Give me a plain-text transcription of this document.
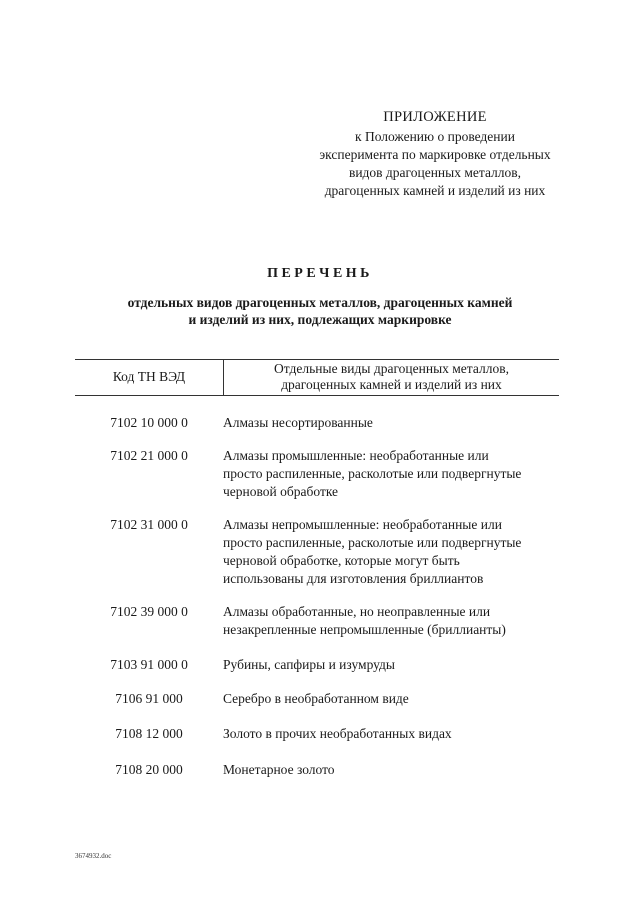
ПРИЛОЖЕНИЕ
к Положению о проведении
эксперимента по маркировке отдельных
видов драгоценных металлов,
драгоценных камней и изделий из них
ПЕРЕЧЕНЬ
отдельных видов драгоценных металлов, драгоценных камней
и изделий из них, подлежащих маркировке
Код ТН ВЭД
Отдельные виды драгоценных металлов,
драгоценных камней и изделий из них
7102 10 000 0	Алмазы несортированные
7102 21 000 0	Алмазы промышленные: необработанные или
просто распиленные, расколотые или подвергнутые
черновой обработке
7102 31 000 0	Алмазы непромышленные: необработанные или
просто распиленные, расколотые или подвергнутые
черновой обработке, которые могут быть
использованы для изготовления бриллиантов
7102 39 000 0	Алмазы обработанные, но неоправленные или
незакрепленные непромышленные (бриллианты)
7103 91 000 0	Рубины, сапфиры и изумруды
7106 91 000	Серебро в необработанном виде
7108 12 000	Золото в прочих необработанных видах
7108 20 000	Монетарное золото
3674932.doc
